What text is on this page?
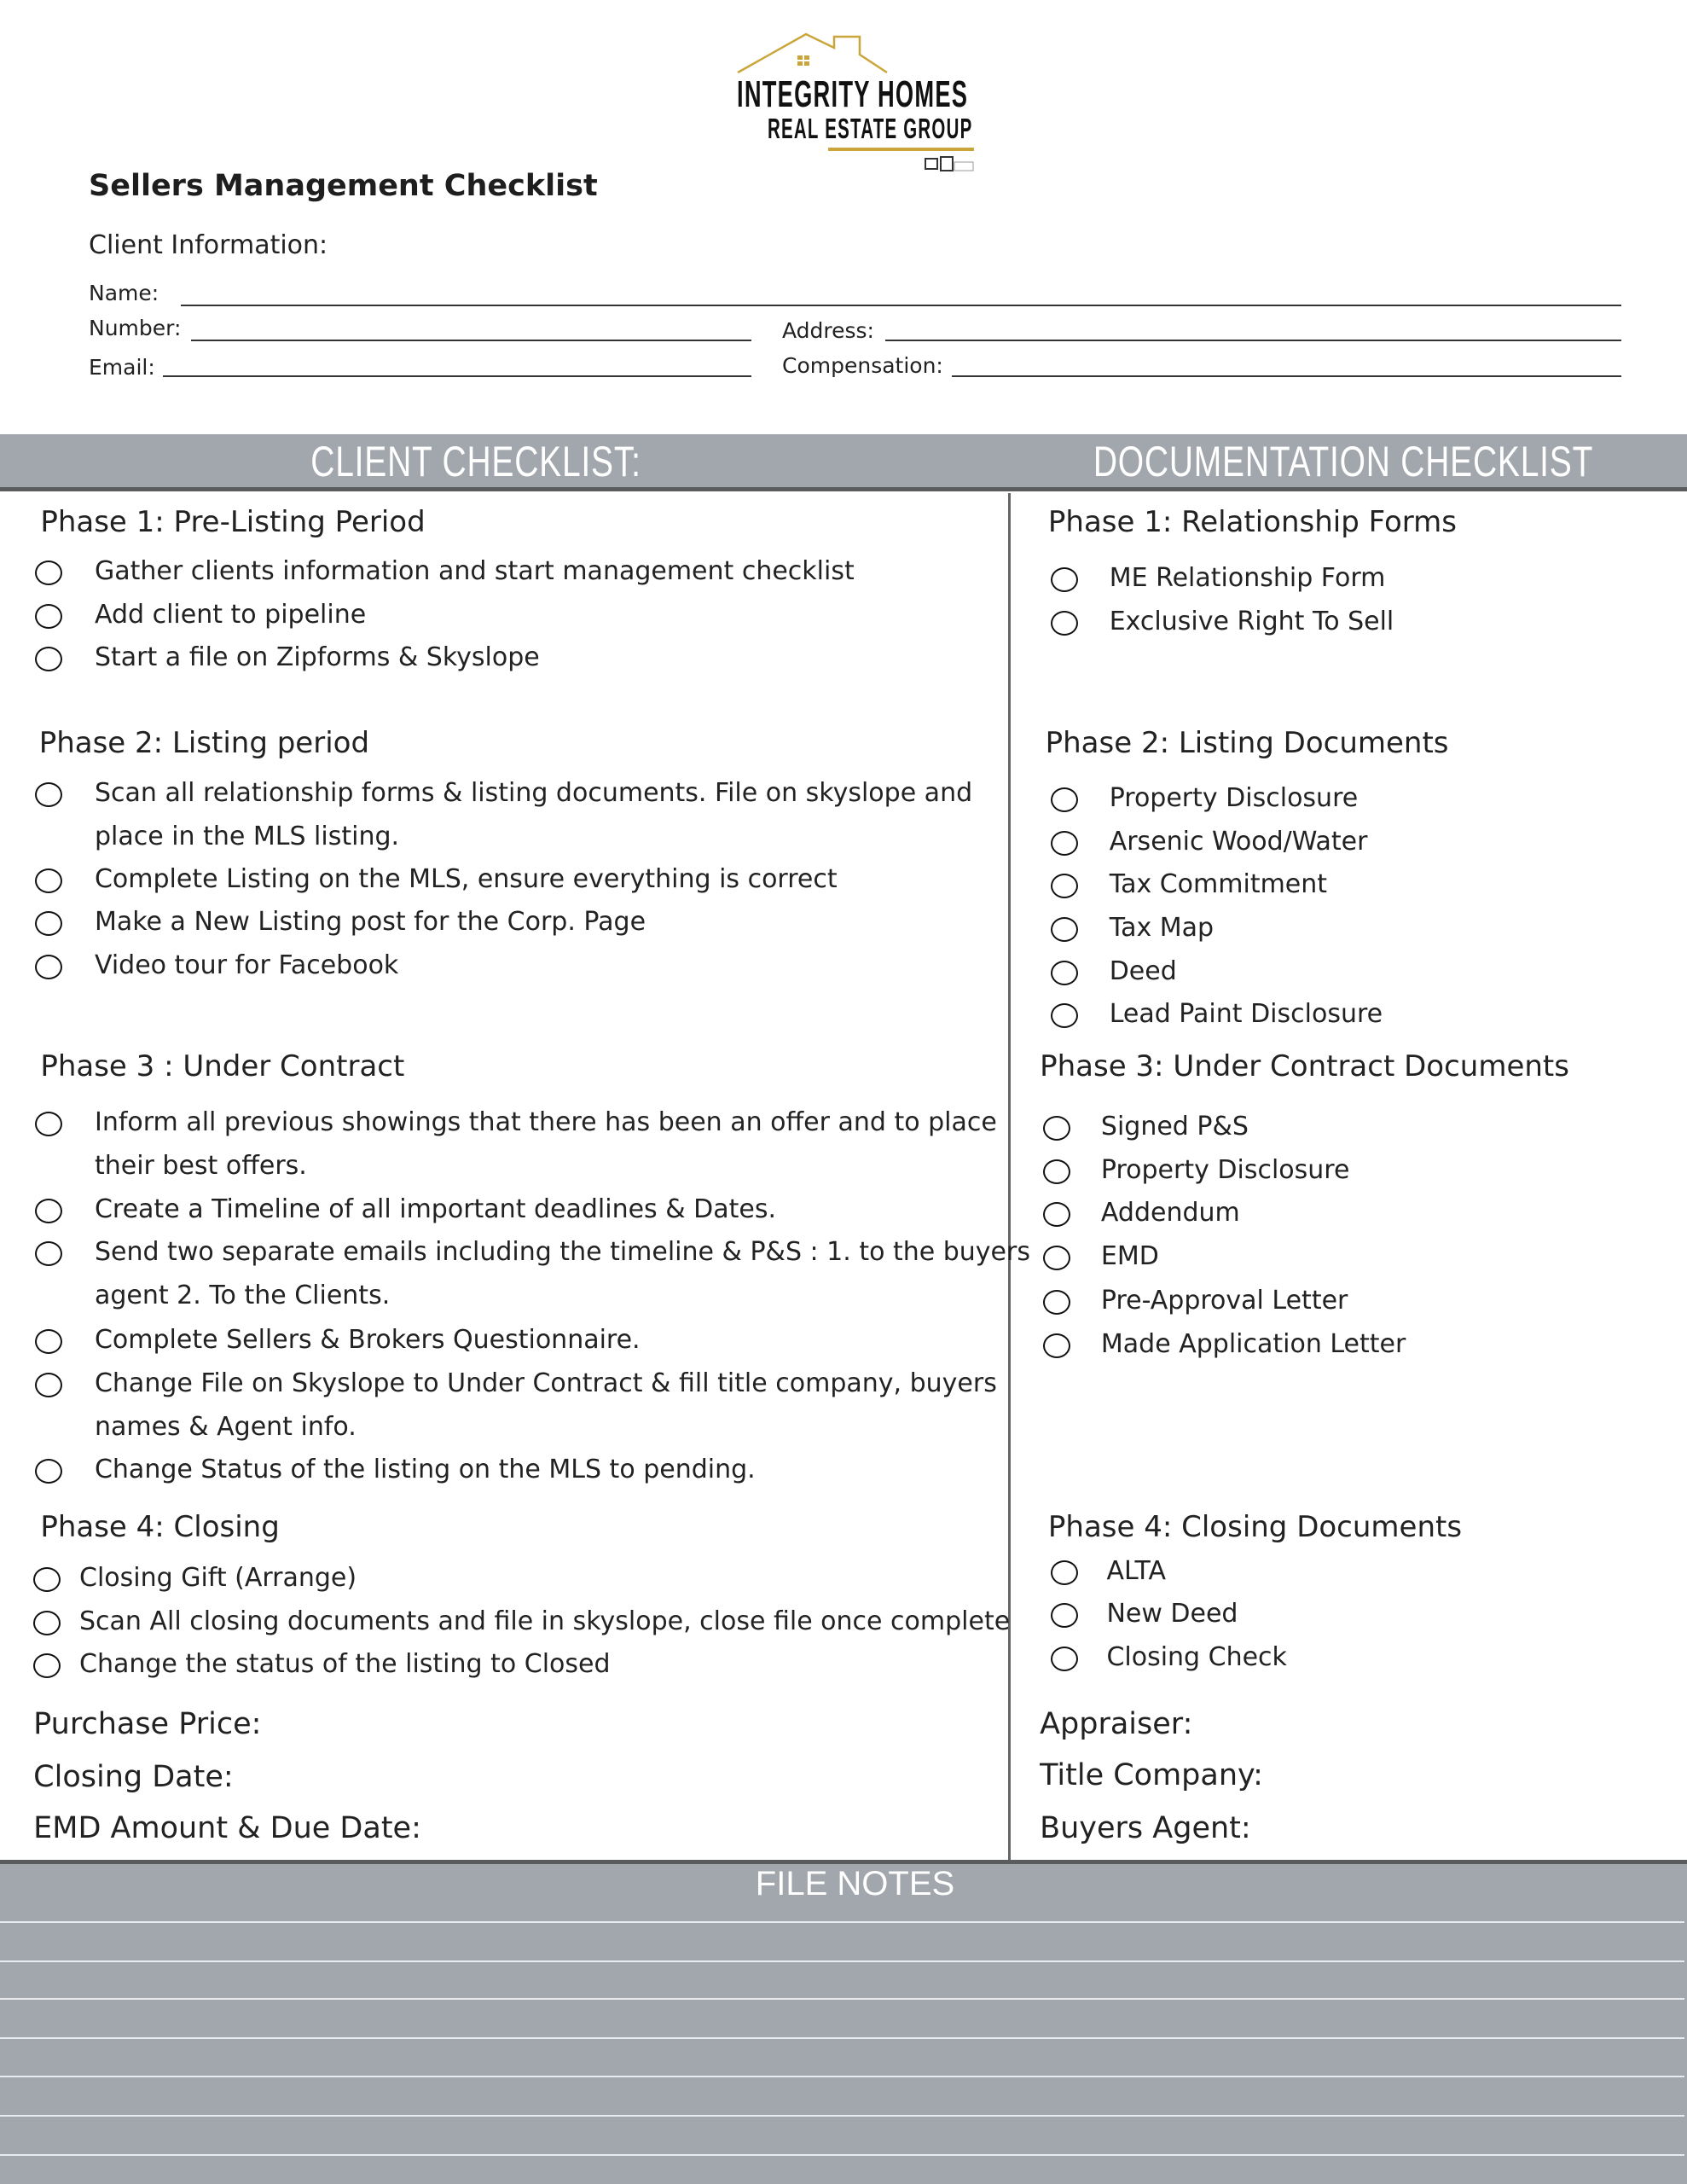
INTEGRITY HOMES
REAL ESTATE GROUP
Sellers Management Checklist
Client Information:
Name:
Number:	Address:
Email:	Compensation:
CLIENT CHECKLIST:	DOCUMENTATION CHECKLIST
Phase 1: Pre-Listing Period
Gather clients information and start management checklist
Add client to pipeline
Start a file on Zipforms & Skyslope
Phase 2: Listing period
Scan all relationship forms & listing documents. File on skyslope and
place in the MLS listing.
Complete Listing on the MLS, ensure everything is correct
Make a New Listing post for the Corp. Page
Video tour for Facebook
Phase 3 : Under Contract
Inform all previous showings that there has been an offer and to place
their best offers.
Create a Timeline of all important deadlines & Dates.
Send two separate emails including the timeline & P&S : 1. to the buyers
agent 2. To the Clients.
Complete Sellers & Brokers Questionnaire.
Change File on Skyslope to Under Contract & fill title company, buyers
names & Agent info.
Change Status of the listing on the MLS to pending.
Phase 4: Closing
Closing Gift (Arrange)
Scan All closing documents and file in skyslope, close file once complete
Change the status of the listing to Closed
Phase 1: Relationship Forms
ME Relationship Form
Exclusive Right To Sell
Phase 2: Listing Documents
Property Disclosure
Arsenic Wood/Water
Tax Commitment
Tax Map
Deed
Lead Paint Disclosure
Phase 3: Under Contract Documents
Signed P&S
Property Disclosure
Addendum
EMD
Pre-Approval Letter
Made Application Letter
Phase 4: Closing Documents
ALTA
New Deed
Closing Check
Purchase Price:
Closing Date:
EMD Amount & Due Date:
Appraiser:
Title Company:
Buyers Agent:
FILE NOTES
